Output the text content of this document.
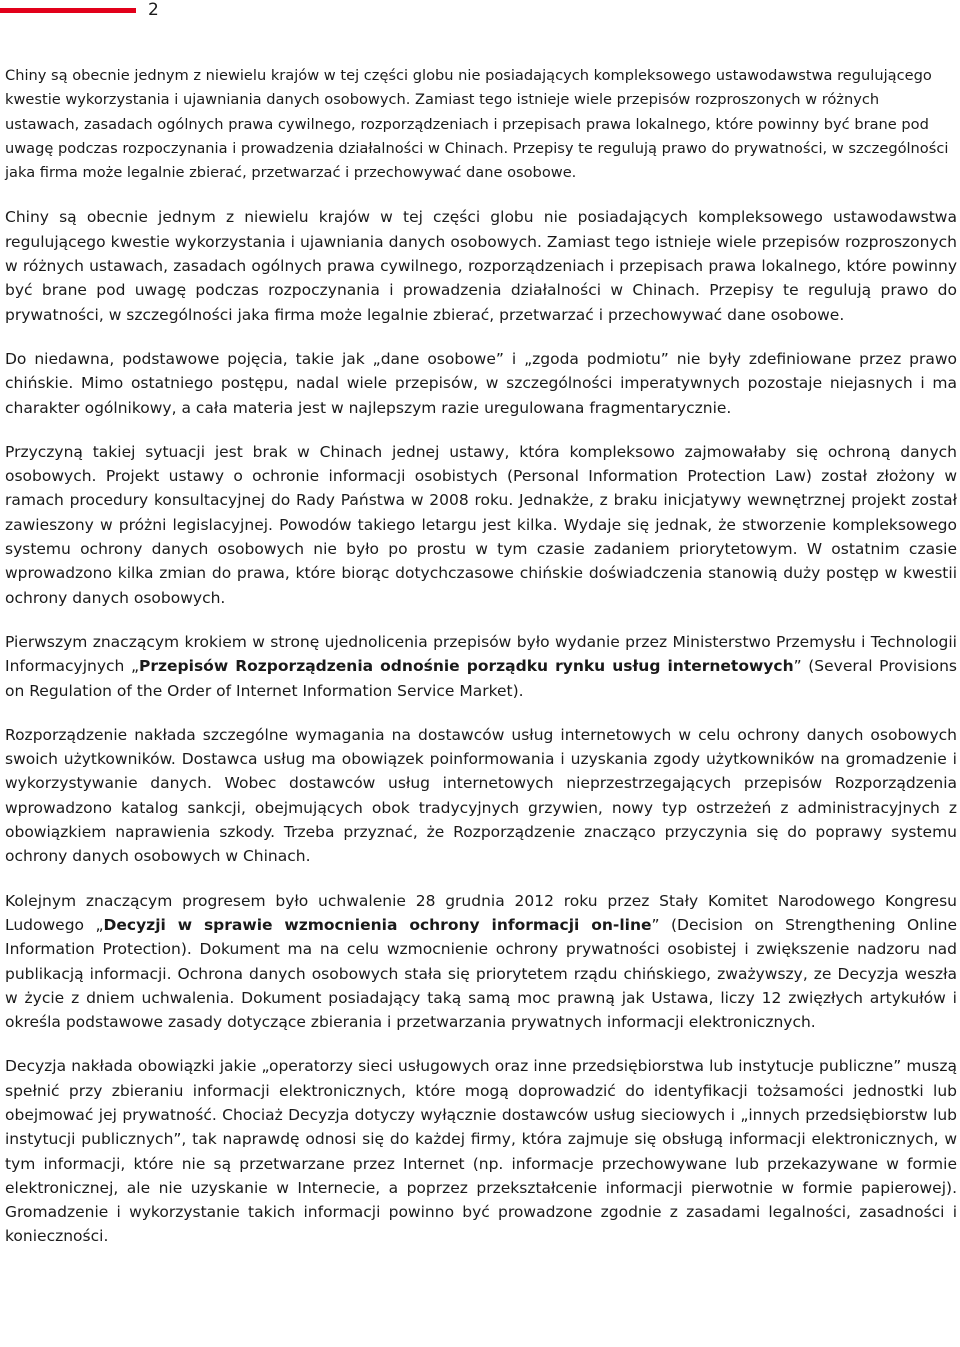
2

Chiny są obecnie jednym z niewielu krajów w tej części globu nie posiadających kompleksowego ustawodawstwa regulującego kwestie wykorzystania i ujawniania danych osobowych. Zamiast tego istnieje wiele przepisów rozproszonych w różnych ustawach, zasadach ogólnych prawa cywilnego, rozporządzeniach i przepisach prawa lokalnego, które powinny być brane pod uwagę podczas rozpoczynania i prowadzenia działalności w Chinach. Przepisy te regulują prawo do prywatności, w szczególności jaka firma może legalnie zbierać, przetwarzać i przechowywać dane osobowe.

Chiny są obecnie jednym z niewielu krajów w tej części globu nie posiadających kompleksowego ustawodawstwa regulującego kwestie wykorzystania i ujawniania danych osobowych. Zamiast tego istnieje wiele przepisów rozproszonych w różnych ustawach, zasadach ogólnych prawa cywilnego, rozporządzeniach i przepisach prawa lokalnego, które powinny być brane pod uwagę podczas rozpoczynania i prowadzenia działalności w Chinach. Przepisy te regulują prawo do prywatności, w szczególności jaka firma może legalnie zbierać, przetwarzać i przechowywać dane osobowe.

Do niedawna, podstawowe pojęcia, takie jak „dane osobowe” i „zgoda podmiotu” nie były zdefiniowane przez prawo chińskie. Mimo ostatniego postępu, nadal wiele przepisów, w szczególności imperatywnych pozostaje niejasnych i ma charakter ogólnikowy, a cała materia jest w najlepszym razie uregulowana fragmentarycznie.

Przyczyną takiej sytuacji jest brak w Chinach jednej ustawy, która kompleksowo zajmowałaby się ochroną danych osobowych. Projekt ustawy o ochronie informacji osobistych (Personal Information Protection Law) został złożony w ramach procedury konsultacyjnej do Rady Państwa w 2008 roku. Jednakże, z braku inicjatywy wewnętrznej projekt został zawieszony w próżni legislacyjnej. Powodów takiego letargu jest kilka. Wydaje się jednak, że stworzenie kompleksowego systemu ochrony danych osobowych nie było po prostu w tym czasie zadaniem priorytetowym. W ostatnim czasie wprowadzono kilka zmian do prawa, które biorąc dotychczasowe chińskie doświadczenia stanowią duży postęp w kwestii ochrony danych osobowych.

Pierwszym znaczącym krokiem w stronę ujednolicenia przepisów było wydanie przez Ministerstwo Przemysłu i Technologii Informacyjnych „Przepisów Rozporządzenia odnośnie porządku rynku usług internetowych” (Several Provisions on Regulation of the Order of Internet Information Service Market).

Rozporządzenie nakłada szczególne wymagania na dostawców usług internetowych w celu ochrony danych osobowych swoich użytkowników. Dostawca usług ma obowiązek poinformowania i uzyskania zgody użytkowników na gromadzenie i wykorzystywanie danych. Wobec dostawców usług internetowych nieprzestrzegających przepisów Rozporządzenia wprowadzono katalog sankcji, obejmujących obok tradycyjnych grzywien, nowy typ ostrzeżeń z administracyjnych z obowiązkiem naprawienia szkody. Trzeba przyznać, że Rozporządzenie znacząco przyczynia się do poprawy systemu ochrony danych osobowych w Chinach.

Kolejnym znaczącym progresem było uchwalenie 28 grudnia 2012 roku przez Stały Komitet Narodowego Kongresu Ludowego „Decyzji w sprawie wzmocnienia ochrony informacji on-line” (Decision on Strengthening Online Information Protection). Dokument ma na celu wzmocnienie ochrony prywatności osobistej i zwiększenie nadzoru nad publikacją informacji. Ochrona danych osobowych stała się priorytetem rządu chińskiego, zważywszy, ze Decyzja weszła w życie z dniem uchwalenia. Dokument posiadający taką samą moc prawną jak Ustawa, liczy 12 zwięzłych artykułów i określa podstawowe zasady dotyczące zbierania i przetwarzania prywatnych informacji elektronicznych.

Decyzja nakłada obowiązki jakie „operatorzy sieci usługowych oraz inne przedsiębiorstwa lub instytucje publiczne” muszą spełnić przy zbieraniu informacji elektronicznych, które mogą doprowadzić do identyfikacji tożsamości jednostki lub obejmować jej prywatność. Chociaż Decyzja dotyczy wyłącznie dostawców usług sieciowych i „innych przedsiębiorstw lub instytucji publicznych”, tak naprawdę odnosi się do każdej firmy, która zajmuje się obsługą informacji elektronicznych, w tym informacji, które nie są przetwarzane przez Internet (np. informacje przechowywane lub przekazywane w formie elektronicznej, ale nie uzyskanie w Internecie, a poprzez przekształcenie informacji pierwotnie w formie papierowej). Gromadzenie i wykorzystanie takich informacji powinno być prowadzone zgodnie z zasadami legalności, zasadności i konieczności.
